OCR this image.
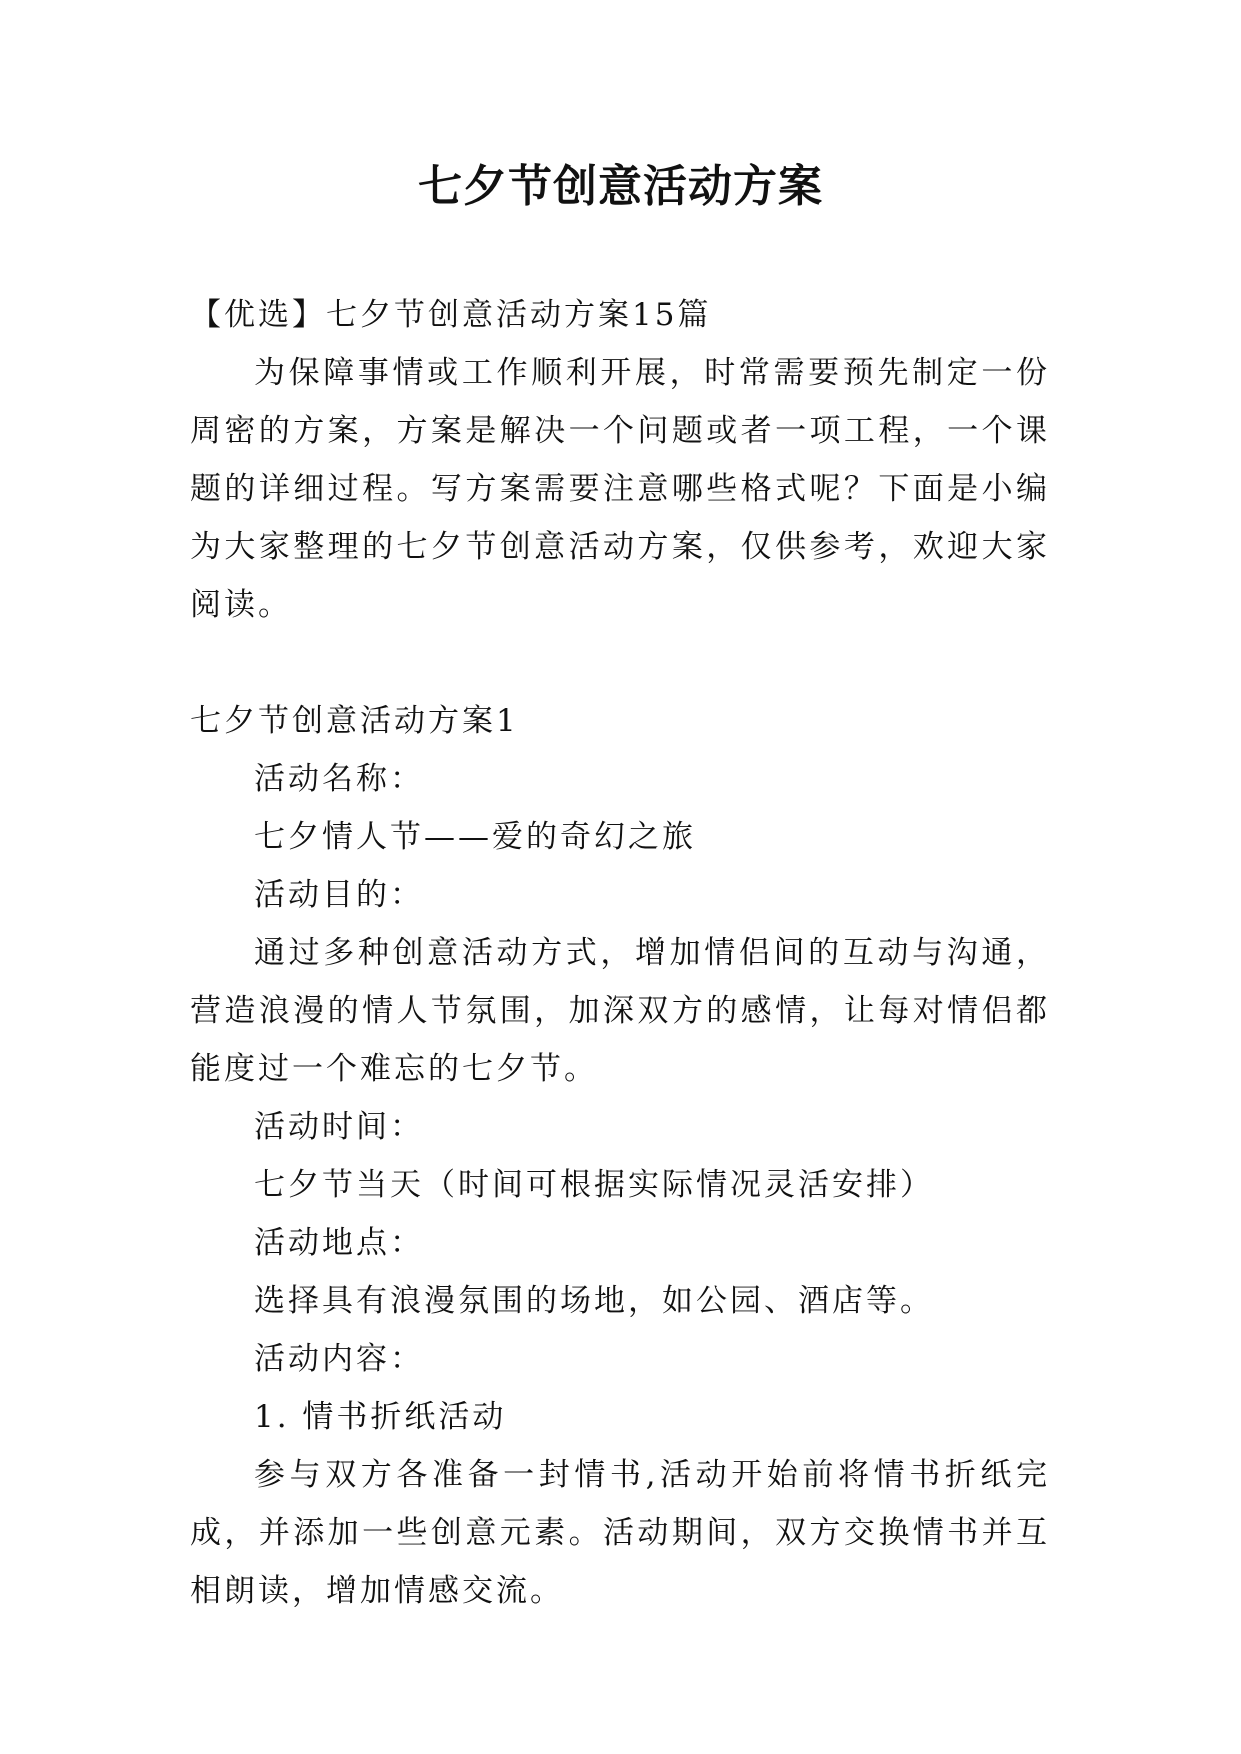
七夕节创意活动方案

【优选】七夕节创意活动方案15篇

为保障事情或工作顺利开展，时常需要预先制定一份周密的方案，方案是解决一个问题或者一项工程，一个课题的详细过程。写方案需要注意哪些格式呢？下面是小编为大家整理的七夕节创意活动方案，仅供参考，欢迎大家阅读。

七夕节创意活动方案1

活动名称：

七夕情人节——爱的奇幻之旅

活动目的：

通过多种创意活动方式，增加情侣间的互动与沟通，营造浪漫的情人节氛围，加深双方的感情，让每对情侣都能度过一个难忘的七夕节。

活动时间：

七夕节当天（时间可根据实际情况灵活安排）

活动地点：

选择具有浪漫氛围的场地，如公园、酒店等。

活动内容：

1. 情书折纸活动

参与双方各准备一封情书,活动开始前将情书折纸完成，并添加一些创意元素。活动期间，双方交换情书并互相朗读，增加情感交流。
